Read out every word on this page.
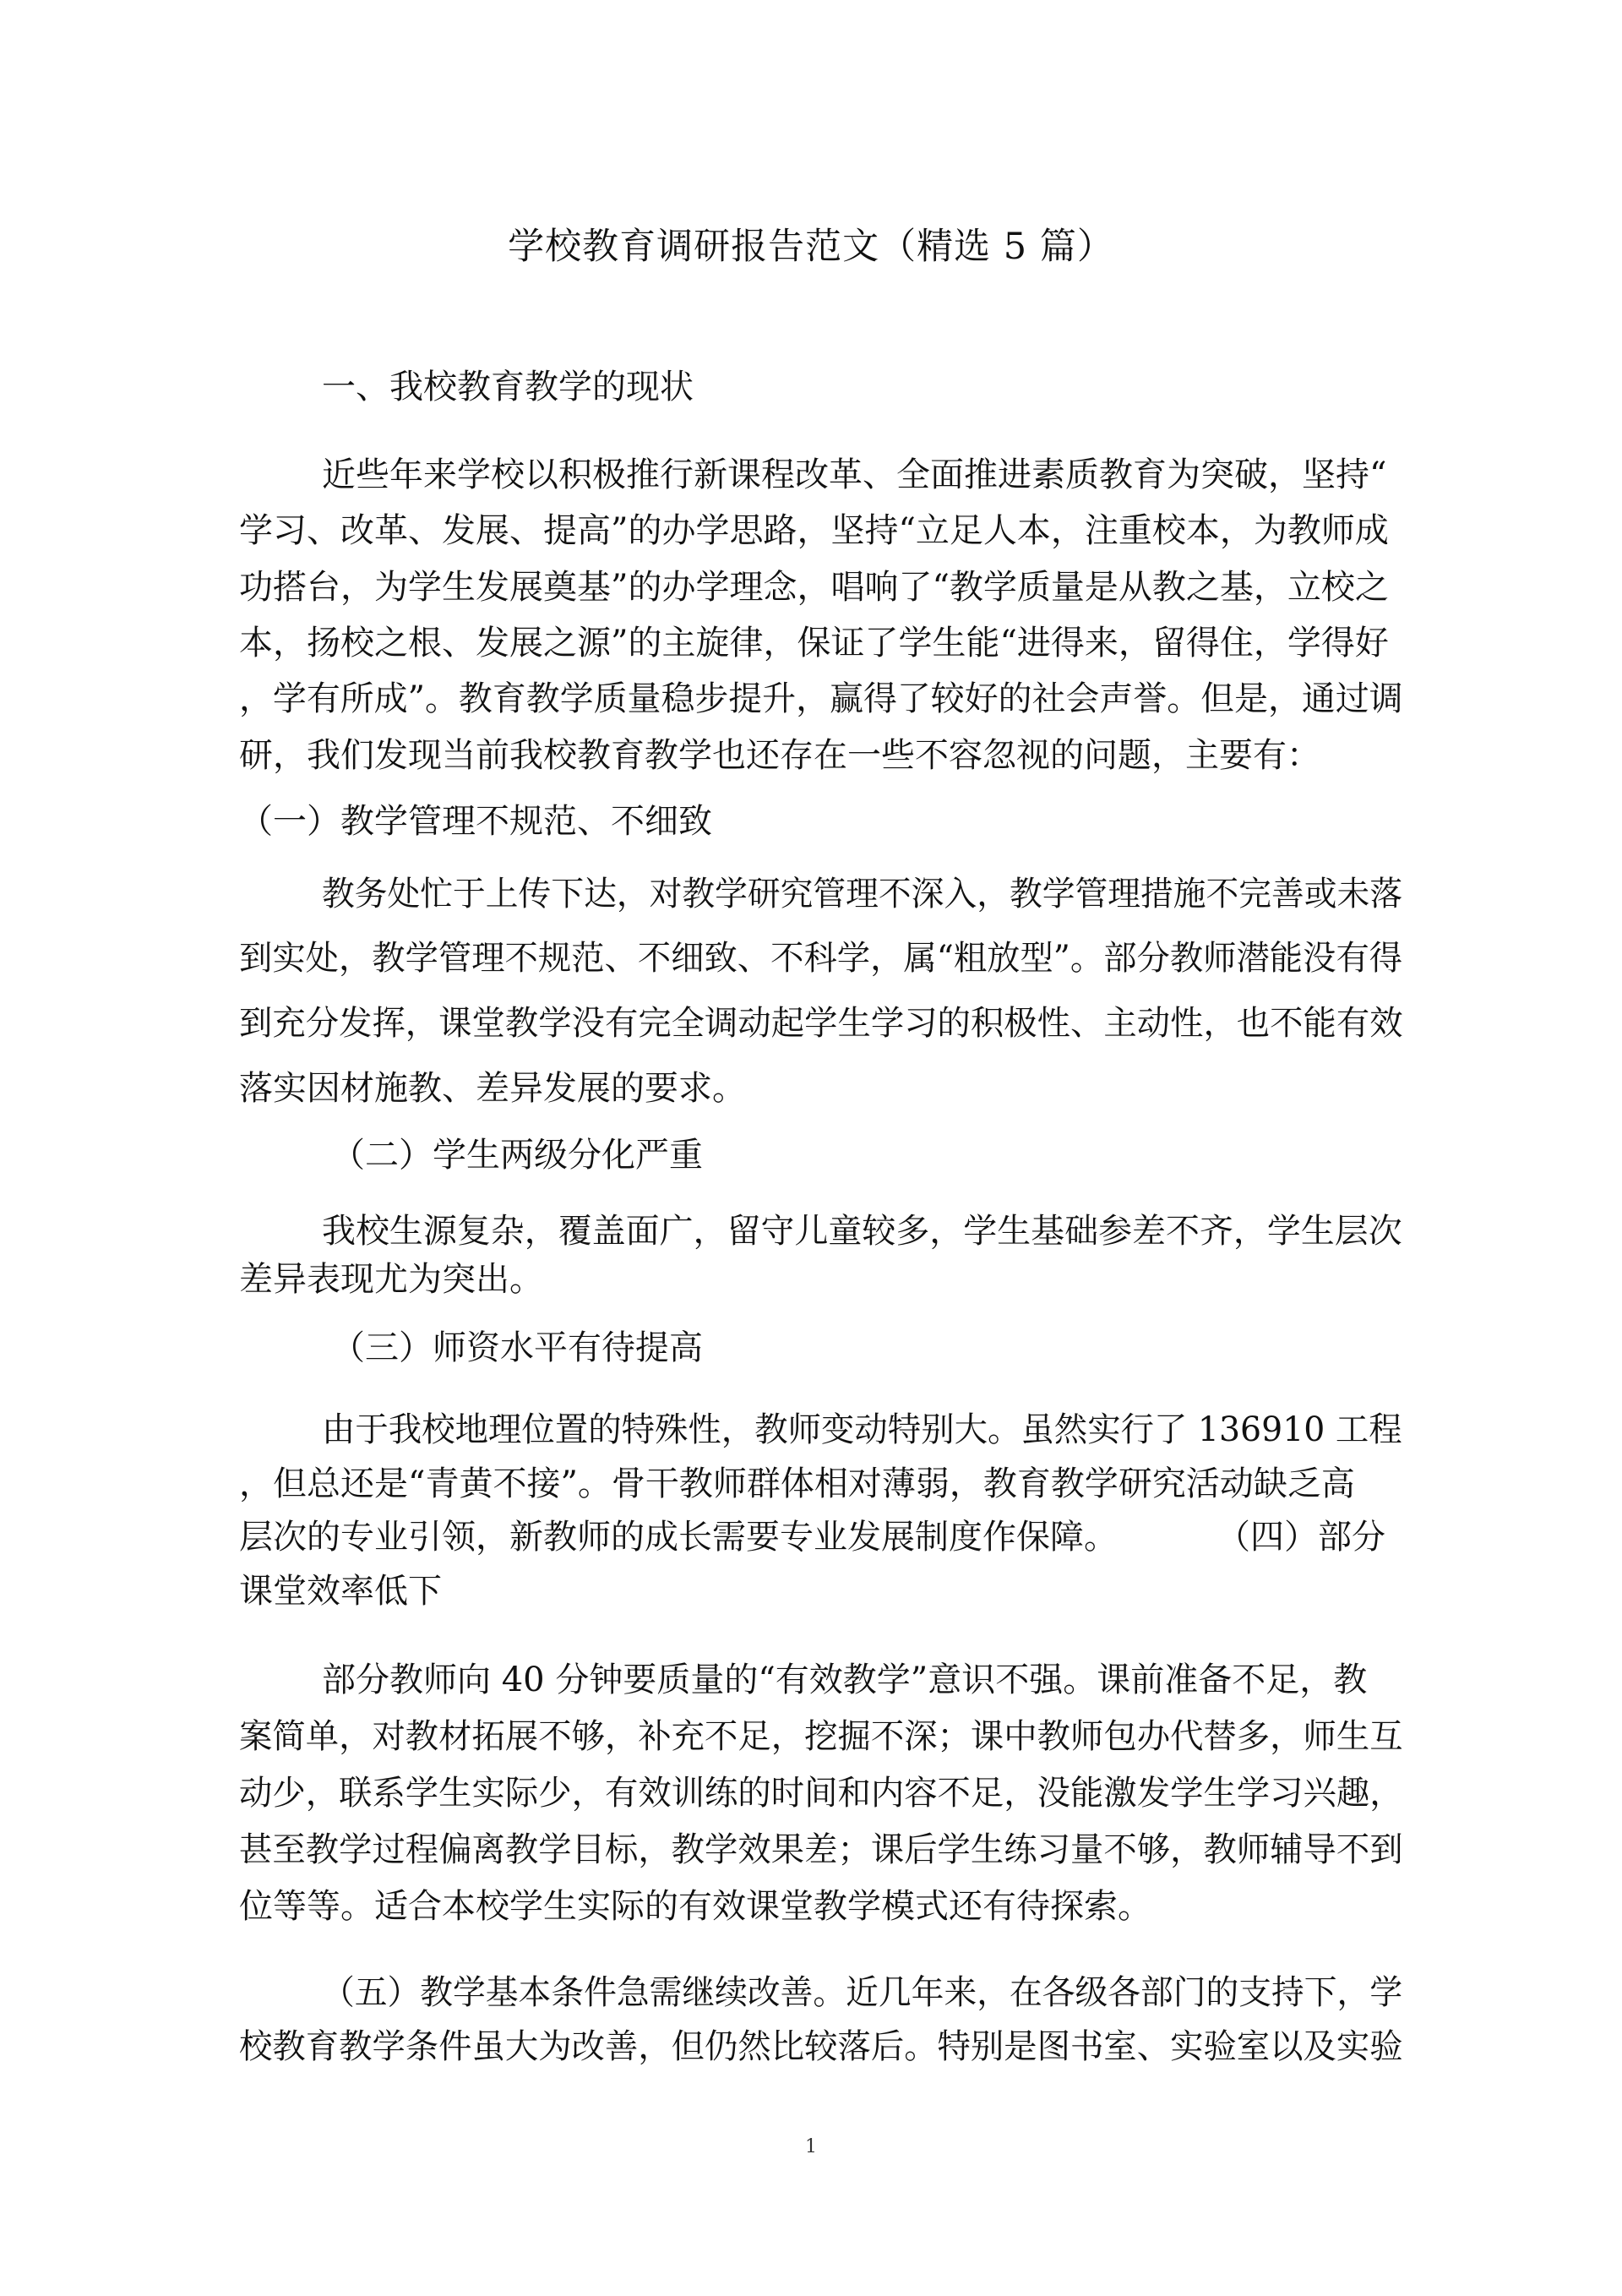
学校教育调研报告范文（精选 5 篇）
一、我校教育教学的现状
近些年来学校以积极推行新课程改革、全面推进素质教育为突破，坚持“
学习、改革、发展、提高”的办学思路，坚持“立足人本，注重校本，为教师成
功搭台，为学生发展奠基”的办学理念，唱响了“教学质量是从教之基，立校之
本，扬校之根、发展之源”的主旋律，保证了学生能“进得来，留得住，学得好
，学有所成”。教育教学质量稳步提升，赢得了较好的社会声誉。但是，通过调
研，我们发现当前我校教育教学也还存在一些不容忽视的问题，主要有：
（一）教学管理不规范、不细致
教务处忙于上传下达，对教学研究管理不深入，教学管理措施不完善或未落
到实处，教学管理不规范、不细致、不科学，属“粗放型”。部分教师潜能没有得
到充分发挥，课堂教学没有完全调动起学生学习的积极性、主动性，也不能有效
落实因材施教、差异发展的要求。
（二）学生两级分化严重
我校生源复杂，覆盖面广，留守儿童较多，学生基础参差不齐，学生层次
差异表现尤为突出。
（三）师资水平有待提高
由于我校地理位置的特殊性，教师变动特别大。虽然实行了 136910 工程
，但总还是“青黄不接”。骨干教师群体相对薄弱，教育教学研究活动缺乏高
层次的专业引领，新教师的成长需要专业发展制度作保障。	（四）部分
课堂效率低下
部分教师向 40 分钟要质量的“有效教学”意识不强。课前准备不足，教
案简单，对教材拓展不够，补充不足，挖掘不深；课中教师包办代替多，师生互
动少，联系学生实际少，有效训练的时间和内容不足，没能激发学生学习兴趣，
甚至教学过程偏离教学目标，教学效果差；课后学生练习量不够，教师辅导不到
位等等。适合本校学生实际的有效课堂教学模式还有待探索。
（五）教学基本条件急需继续改善。近几年来，在各级各部门的支持下，学
校教育教学条件虽大为改善，但仍然比较落后。特别是图书室、实验室以及实验
1
